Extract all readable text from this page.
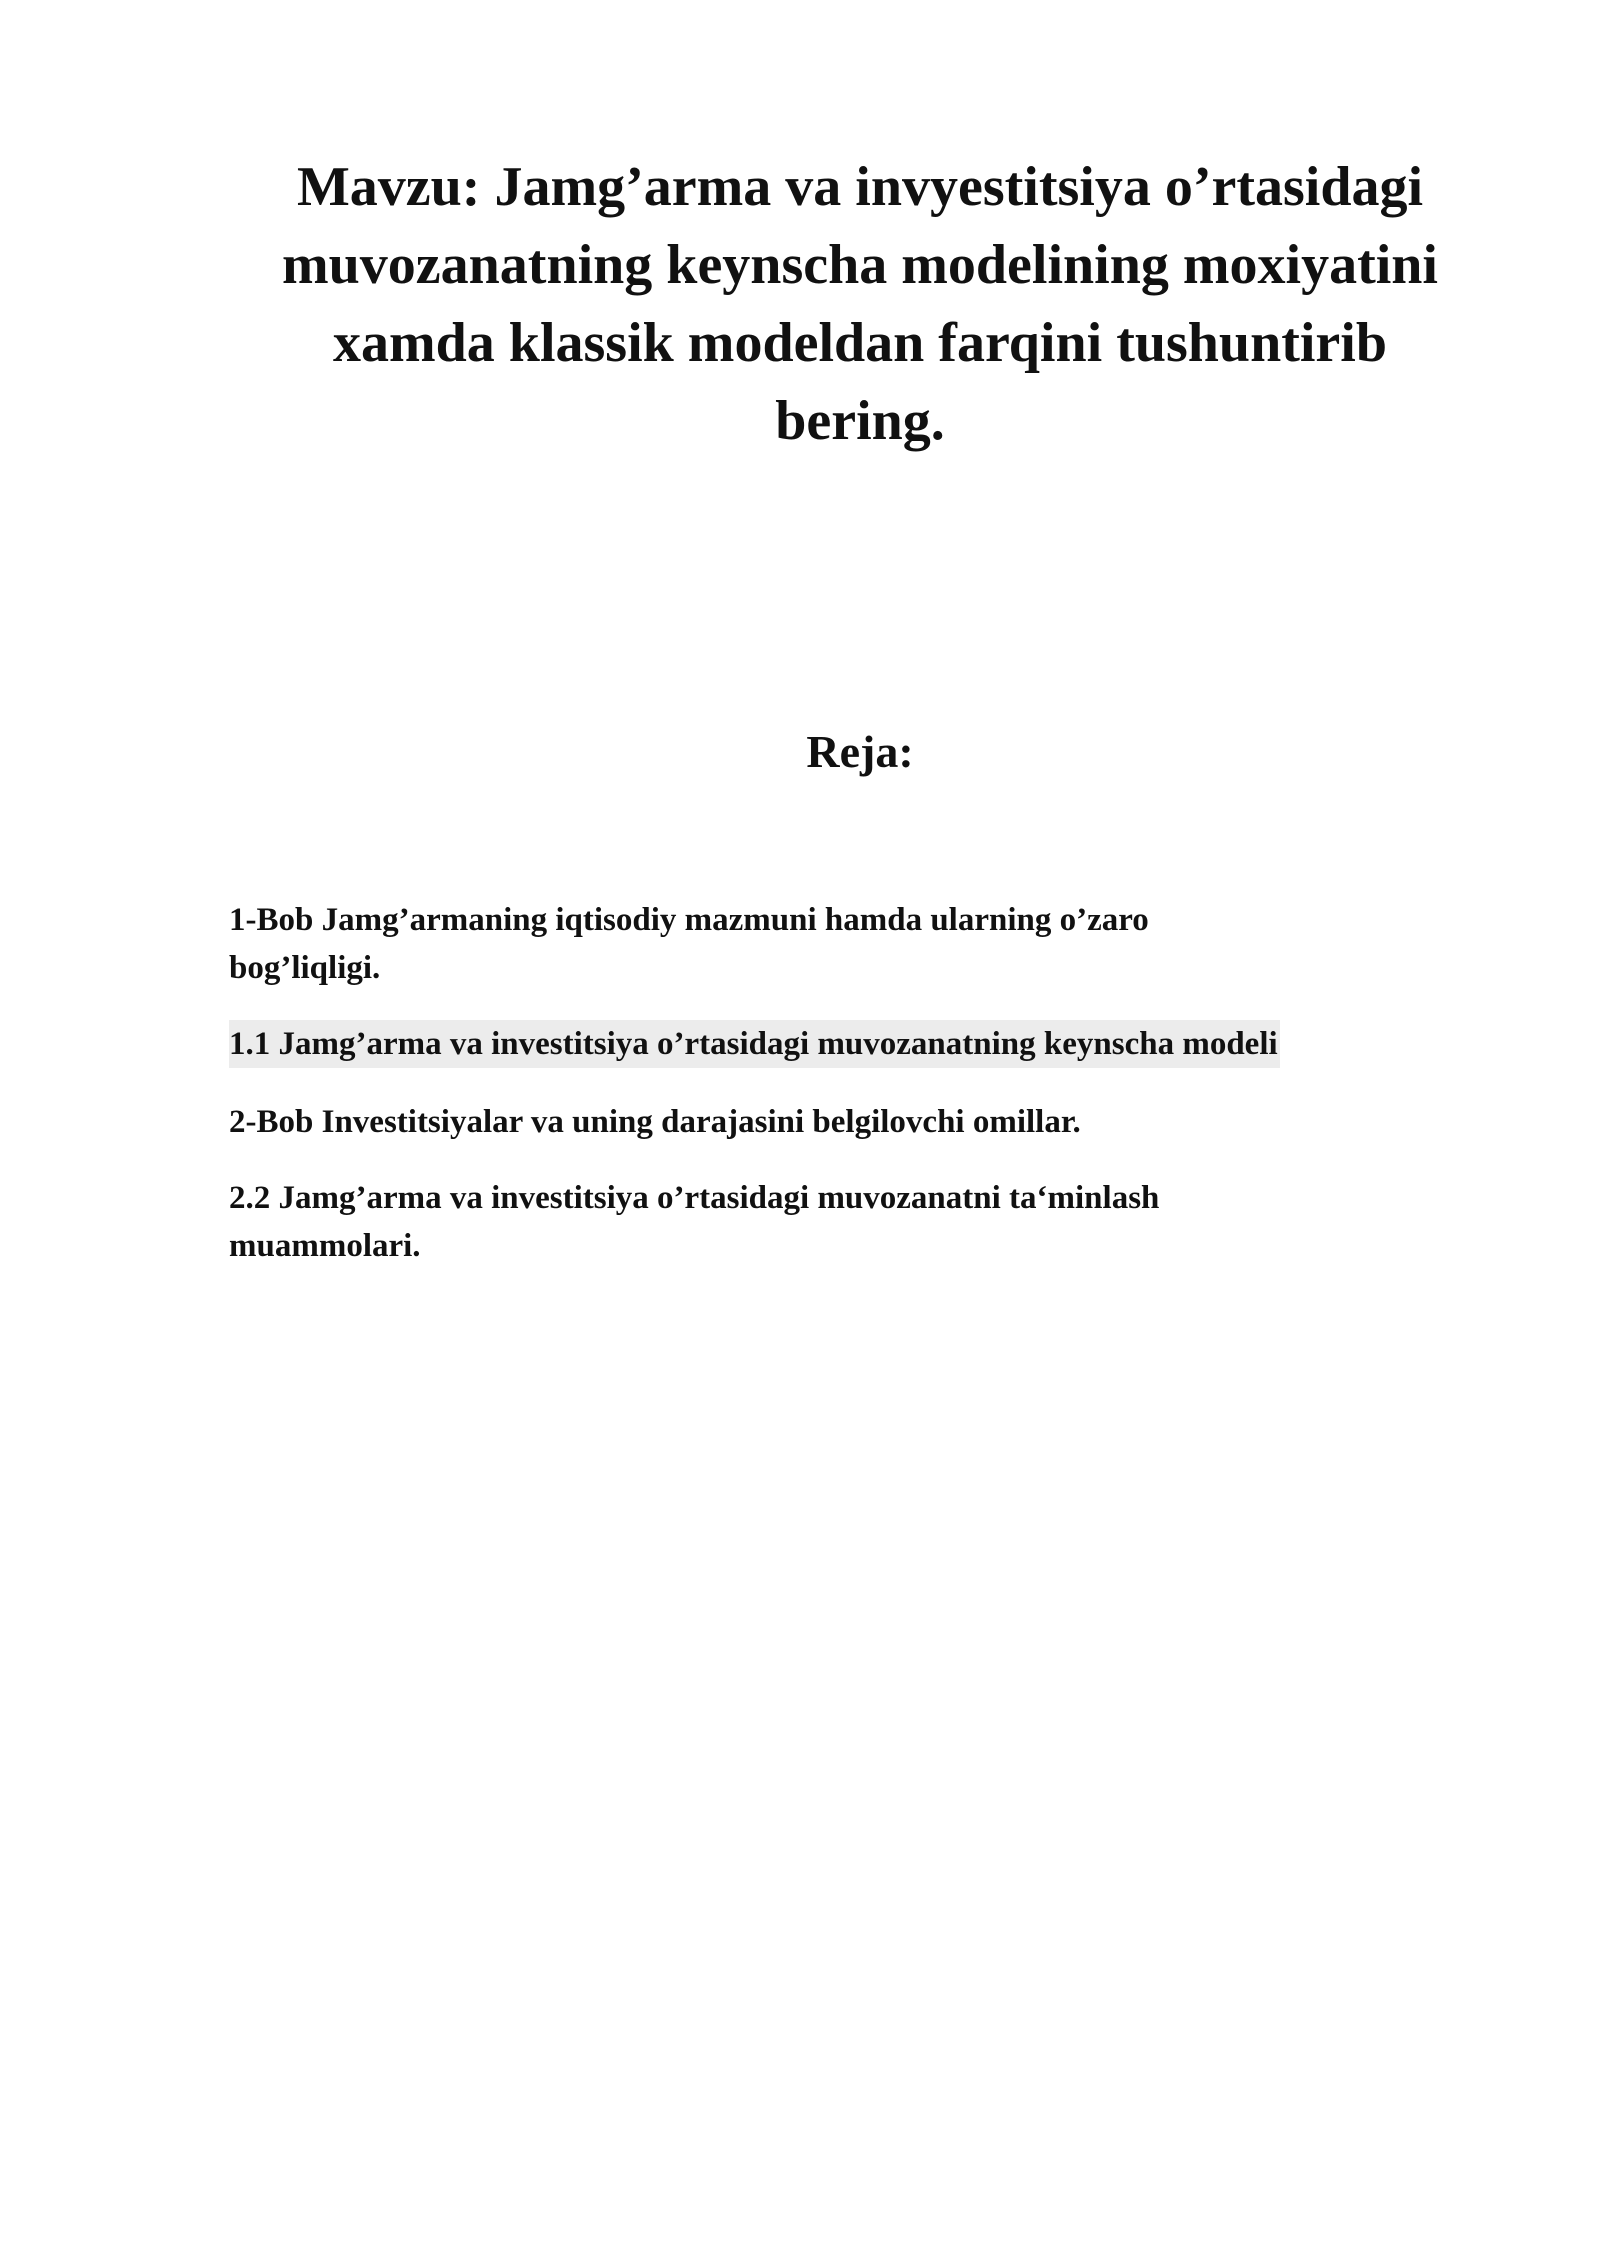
Mavzu: Jamg’arma va invyestitsiya o’rtasidagi
muvozanatning keynscha modelining moxiyatini
xamda klassik modeldan farqini tushuntirib
bering.
Reja:
1-Bob Jamg’armaning iqtisodiy mazmuni hamda ularning o’zaro
bog’liqligi.
1.1 Jamg’arma va investitsiya o’rtasidagi muvozanatning keynscha modeli
2-Bob Investitsiyalar va uning darajasini belgilovchi omillar.
2.2 Jamg’arma va investitsiya o’rtasidagi muvozanatni ta‘minlash
muammolari.
